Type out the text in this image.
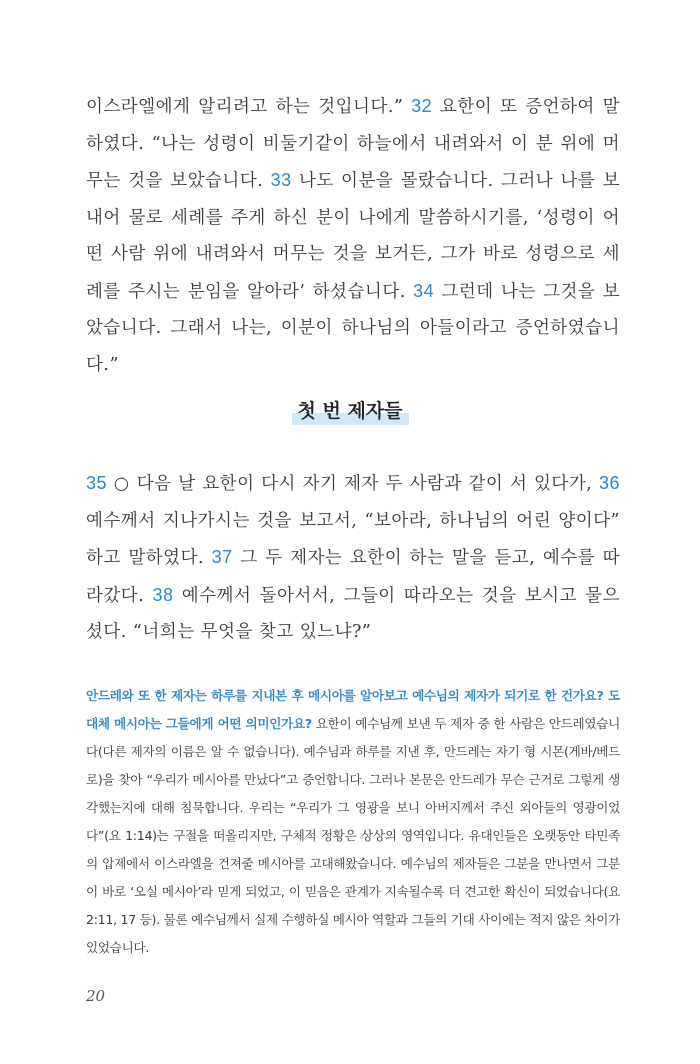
이스라엘에게 알리려고 하는 것입니다.” 32 요한이 또 증언하여 말하였다. “나는 성령이 비둘기같이 하늘에서 내려와서 이 분 위에 머무는 것을 보았습니다. 33 나도 이분을 몰랐습니다. 그러나 나를 보내어 물로 세례를 주게 하신 분이 나에게 말씀하시기를, ‘성령이 어떤 사람 위에 내려와서 머무는 것을 보거든, 그가 바로 성령으로 세례를 주시는 분임을 알아라’ 하셨습니다. 34 그런데 나는 그것을 보았습니다. 그래서 나는, 이분이 하나님의 아들이라고 증언하였습니다.”

첫 번 제자들

35 ○ 다음 날 요한이 다시 자기 제자 두 사람과 같이 서 있다가, 36 예수께서 지나가시는 것을 보고서, “보아라, 하나님의 어린 양이다” 하고 말하였다. 37 그 두 제자는 요한이 하는 말을 듣고, 예수를 따라갔다. 38 예수께서 돌아서서, 그들이 따라오는 것을 보시고 물으셨다. “너희는 무엇을 찾고 있느냐?”

안드레와 또 한 제자는 하루를 지내본 후 메시아를 알아보고 예수님의 제자가 되기로 한 건가요? 도대체 메시아는 그들에게 어떤 의미인가요? 요한이 예수님께 보낸 두 제자 중 한 사람은 안드레였습니다(다른 제자의 이름은 알 수 없습니다). 예수님과 하루를 지낸 후, 안드레는 자기 형 시몬(게바/베드로)을 찾아 “우리가 메시아를 만났다”고 증언합니다. 그러나 본문은 안드레가 무슨 근거로 그렇게 생각했는지에 대해 침묵합니다. 우리는 “우리가 그 영광을 보니 아버지께서 주신 외아들의 영광이었다”(요 1:14)는 구절을 떠올리지만, 구체적 정황은 상상의 영역입니다. 유대인들은 오랫동안 타민족의 압제에서 이스라엘을 건져줄 메시아를 고대해왔습니다. 예수님의 제자들은 그분을 만나면서 그분이 바로 ‘오실 메시아’라 믿게 되었고, 이 믿음은 관계가 지속될수록 더 견고한 확신이 되었습니다(요 2:11, 17 등). 물론 예수님께서 실제 수행하실 메시아 역할과 그들의 기대 사이에는 적지 않은 차이가 있었습니다.
20
